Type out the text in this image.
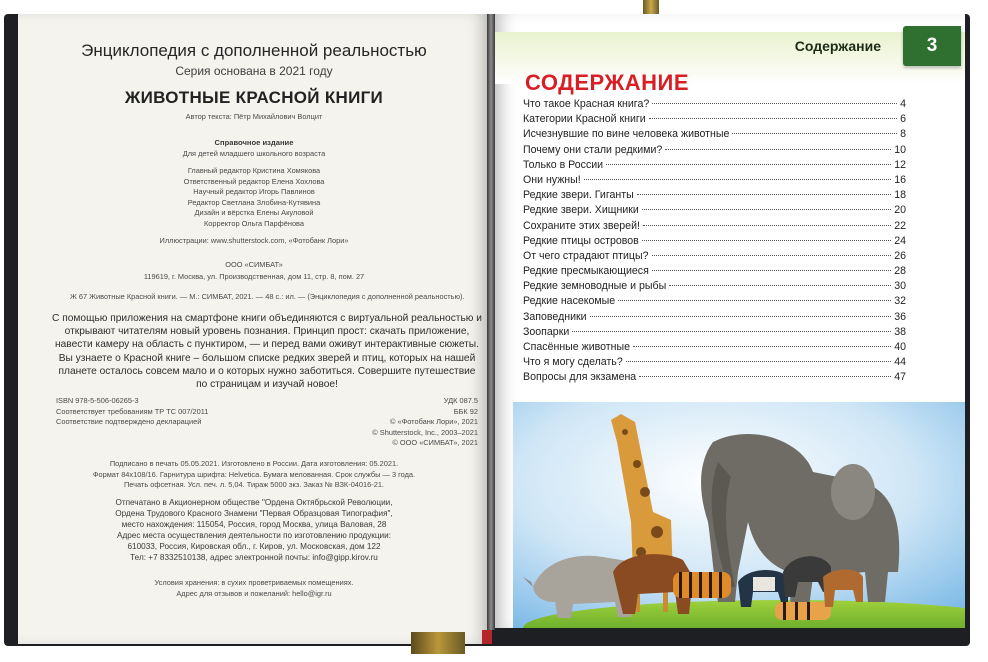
Энциклопедия с дополненной реальностью
Серия основана в 2021 году
ЖИВОТНЫЕ КРАСНОЙ КНИГИ
Автор текста: Пётр Михайлович Волцит
Справочное издание
Для детей младшего школьного возраста
Главный редактор Кристина Хомякова
Ответственный редактор Елена Хохлова
Научный редактор Игорь Павлинов
Редактор Светлана Злобина-Кутявина
Дизайн и вёрстка Елены Акуловой
Корректор Ольга Парфёнова
Иллюстрации: www.shutterstock.com, «Фотобанк Лори»
ООО «СИМБАТ»
119619, г. Москва, ул. Производственная, дом 11, стр. 8, пом. 27
Ж 67 Животные Красной книги. — М.: СИМБАТ, 2021. — 48 с.: ил. — (Энциклопедия с дополненной реальностью).
С помощью приложения на смартфоне книги объединяются с виртуальной реальностью и открывают читателям новый уровень познания. Принцип прост: скачать приложение, навести камеру на область с пунктиром, — и перед вами оживут интерактивные сюжеты. Вы узнаете о Красной книге – большом списке редких зверей и птиц, которых на нашей планете осталось совсем мало и о которых нужно заботиться. Совершите путешествие по страницам и изучай новое!
ISBN 978-5-506-06265-3
Соответствует требованиям ТР ТС 007/2011
Соответствие подтверждено декларацией
УДК 087.5
ББК 92
© «Фотобанк Лори», 2021
© Shutterstock, Inc., 2003–2021
© ООО «СИМБАТ», 2021
Подписано в печать 05.05.2021. Изготовлено в России. Дата изготовления: 05.2021.
Формат 84х108/16. Гарнитура шрифта: Helvetica. Бумага мелованная. Срок службы — 3 года.
Печать офсетная. Усл. печ. л. 5,04. Тираж 5000 экз. Заказ № ВЗК-04016-21.
Отпечатано в Акционерном обществе "Ордена Октябрьской Революции,
Ордена Трудового Красного Знамени "Первая Образцовая Типография",
место нахождения: 115054, Россия, город Москва, улица Валовая, 28
Адрес места осуществления деятельности по изготовлению продукции:
610033, Россия, Кировская обл., г. Киров, ул. Московская, дом 122
Тел: +7 8332510138, адрес электронной почты: info@gipp.kirov.ru
Условия хранения: в сухих проветриваемых помещениях.
Адрес для отзывов и пожеланий: hello@igr.ru
Содержание	3
СОДЕРЖАНИЕ
Что такое Красная книга?	4
Категории Красной книги	6
Исчезнувшие по вине человека животные	8
Почему они стали редкими?	10
Только в России	12
Они нужны!	16
Редкие звери. Гиганты	18
Редкие звери. Хищники	20
Сохраните этих зверей!	22
Редкие птицы островов	24
От чего страдают птицы?	26
Редкие пресмыкающиеся	28
Редкие земноводные и рыбы	30
Редкие насекомые	32
Заповедники	36
Зоопарки	38
Спасённые животные	40
Что я могу сделать?	44
Вопросы для экзамена	47
